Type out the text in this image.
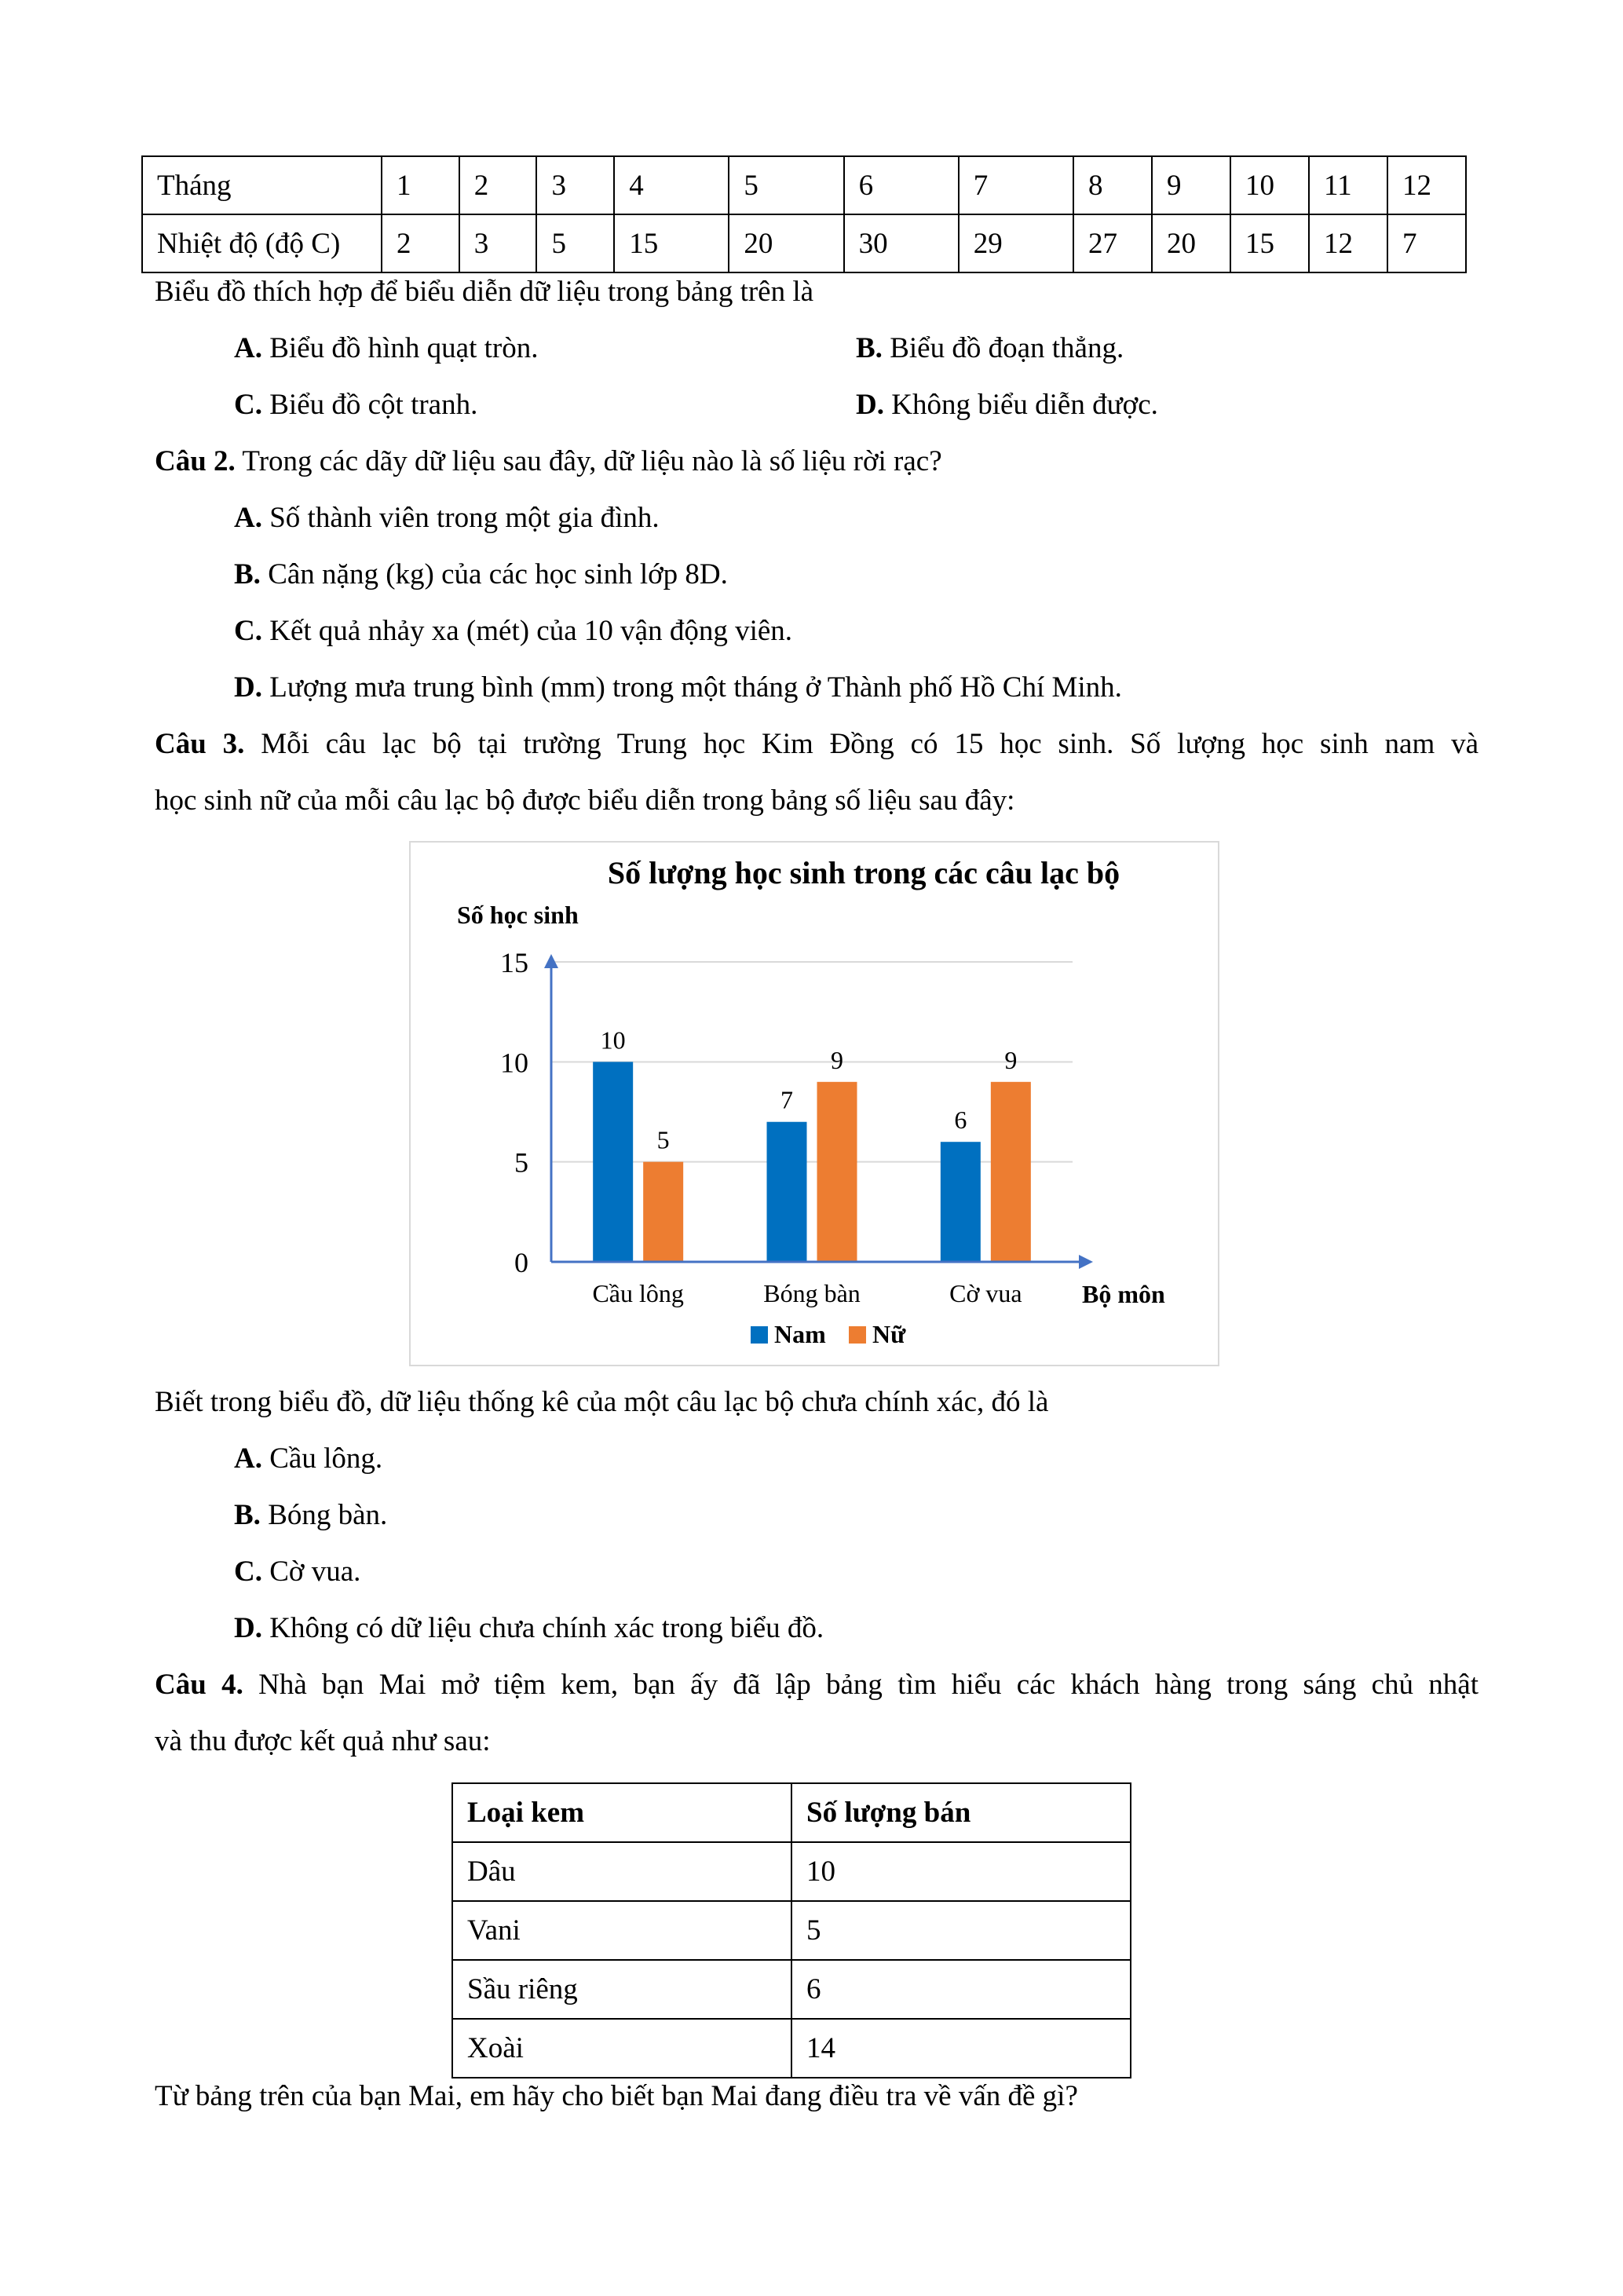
Tháng	1	2	3	4	5	6	7	8	9	10	11	12
Nhiệt độ (độ C)	2	3	5	15	20	30	29	27	20	15	12	7
Biểu đồ thích hợp để biểu diễn dữ liệu trong bảng trên là
A. Biểu đồ hình quạt tròn.	B. Biểu đồ đoạn thẳng.
C. Biểu đồ cột tranh.	D. Không biểu diễn được.
Câu 2. Trong các dãy dữ liệu sau đây, dữ liệu nào là số liệu rời rạc?
A. Số thành viên trong một gia đình.
B. Cân nặng (kg) của các học sinh lớp 8D.
C. Kết quả nhảy xa (mét) của 10 vận động viên.
D. Lượng mưa trung bình (mm) trong một tháng ở Thành phố Hồ Chí Minh.
Câu 3. Mỗi câu lạc bộ tại trường Trung học Kim Đồng có 15 học sinh. Số lượng học sinh nam và
học sinh nữ của mỗi câu lạc bộ được biểu diễn trong bảng số liệu sau đây:
Số lượng học sinh trong các câu lạc bộ
Số học sinh
Bộ môn
0
5
10
15
10
5
7
9
6
9
Cầu lông	Bóng bàn	Cờ vua
Nam Nữ
Biết trong biểu đồ, dữ liệu thống kê của một câu lạc bộ chưa chính xác, đó là
A. Cầu lông.
B. Bóng bàn.
C. Cờ vua.
D. Không có dữ liệu chưa chính xác trong biểu đồ.
Câu 4. Nhà bạn Mai mở tiệm kem, bạn ấy đã lập bảng tìm hiểu các khách hàng trong sáng chủ nhật
và thu được kết quả như sau:
Loại kem	Số lượng bán
Dâu	10
Vani	5
Sầu riêng	6
Xoài	14
Từ bảng trên của bạn Mai, em hãy cho biết bạn Mai đang điều tra về vấn đề gì?
